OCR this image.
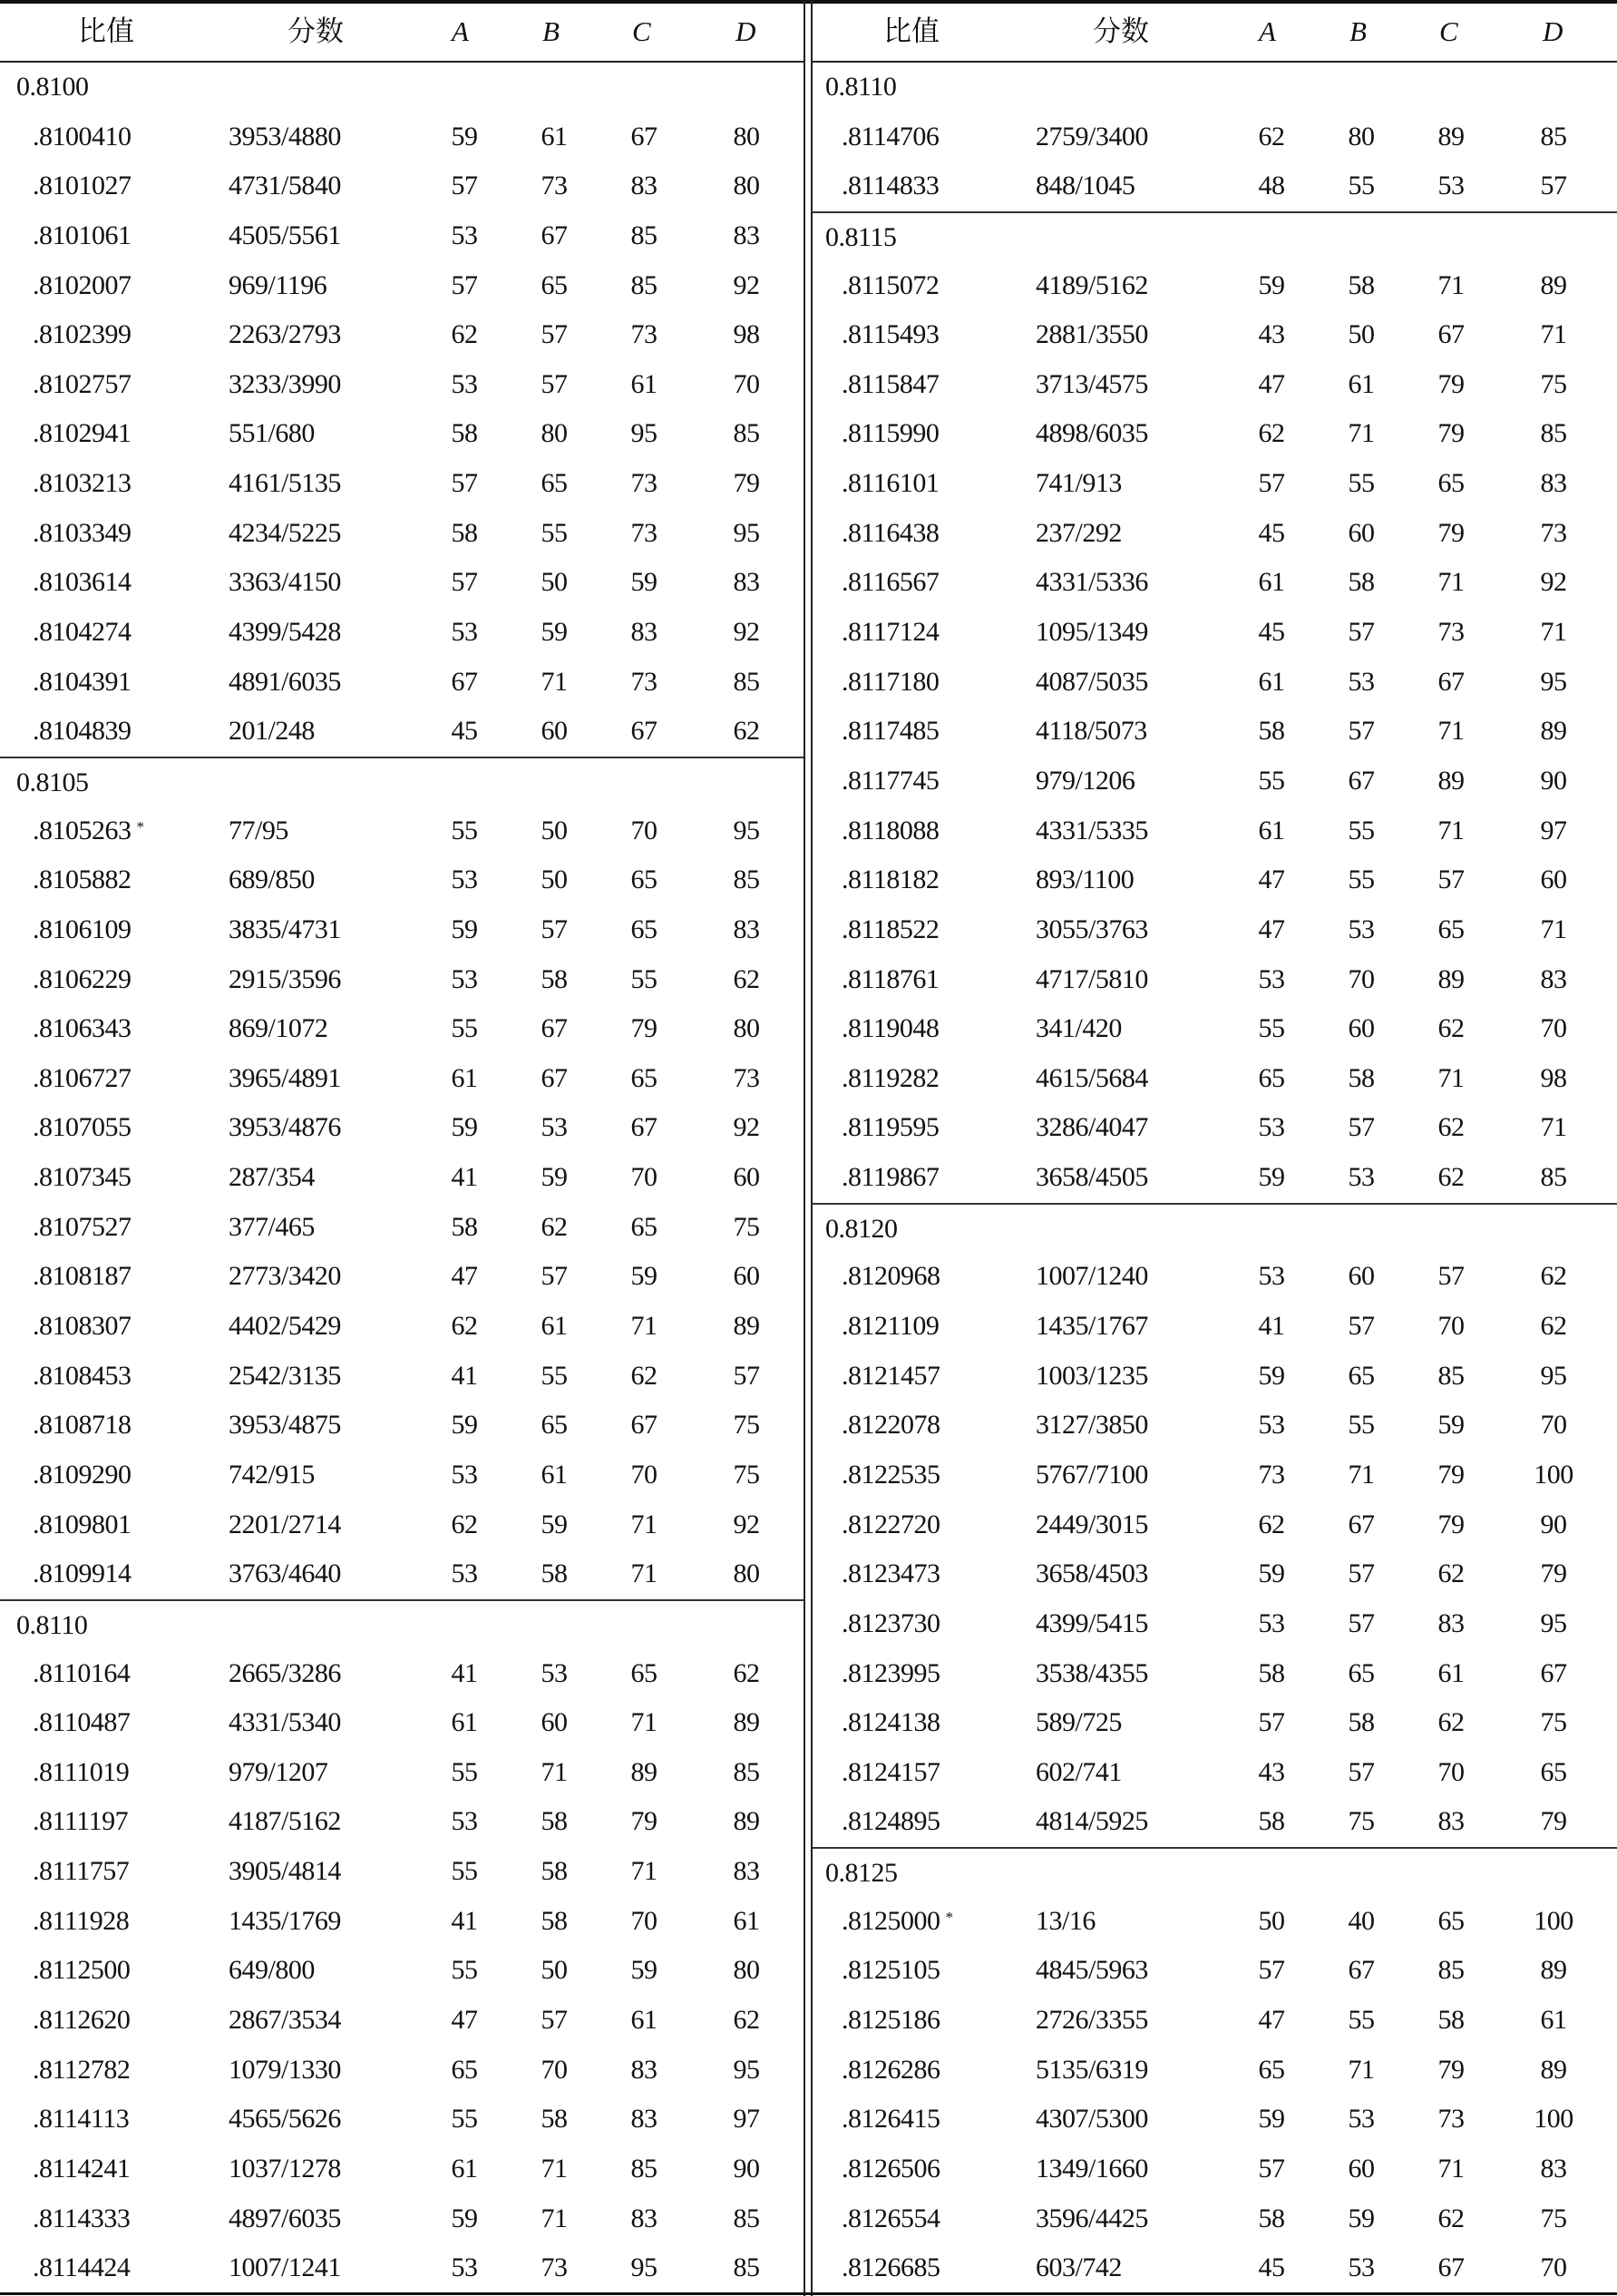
比值	分数	A	B	C	D
0.8100
.8100410	3953/4880	59	61	67	80
.8101027	4731/5840	57	73	83	80
.8101061	4505/5561	53	67	85	83
.8102007	969/1196	57	65	85	92
.8102399	2263/2793	62	57	73	98
.8102757	3233/3990	53	57	61	70
.8102941	551/680	58	80	95	85
.8103213	4161/5135	57	65	73	79
.8103349	4234/5225	58	55	73	95
.8103614	3363/4150	57	50	59	83
.8104274	4399/5428	53	59	83	92
.8104391	4891/6035	67	71	73	85
.8104839	201/248	45	60	67	62
0.8105
.8105263 *	77/95	55	50	70	95
.8105882	689/850	53	50	65	85
.8106109	3835/4731	59	57	65	83
.8106229	2915/3596	53	58	55	62
.8106343	869/1072	55	67	79	80
.8106727	3965/4891	61	67	65	73
.8107055	3953/4876	59	53	67	92
.8107345	287/354	41	59	70	60
.8107527	377/465	58	62	65	75
.8108187	2773/3420	47	57	59	60
.8108307	4402/5429	62	61	71	89
.8108453	2542/3135	41	55	62	57
.8108718	3953/4875	59	65	67	75
.8109290	742/915	53	61	70	75
.8109801	2201/2714	62	59	71	92
.8109914	3763/4640	53	58	71	80
0.8110
.8110164	2665/3286	41	53	65	62
.8110487	4331/5340	61	60	71	89
.8111019	979/1207	55	71	89	85
.8111197	4187/5162	53	58	79	89
.8111757	3905/4814	55	58	71	83
.8111928	1435/1769	41	58	70	61
.8112500	649/800	55	50	59	80
.8112620	2867/3534	47	57	61	62
.8112782	1079/1330	65	70	83	95
.8114113	4565/5626	55	58	83	97
.8114241	1037/1278	61	71	85	90
.8114333	4897/6035	59	71	83	85
.8114424	1007/1241	53	73	95	85
比值	分数	A	B	C	D
0.8110
.8114706	2759/3400	62	80	89	85
.8114833	848/1045	48	55	53	57
0.8115
.8115072	4189/5162	59	58	71	89
.8115493	2881/3550	43	50	67	71
.8115847	3713/4575	47	61	79	75
.8115990	4898/6035	62	71	79	85
.8116101	741/913	57	55	65	83
.8116438	237/292	45	60	79	73
.8116567	4331/5336	61	58	71	92
.8117124	1095/1349	45	57	73	71
.8117180	4087/5035	61	53	67	95
.8117485	4118/5073	58	57	71	89
.8117745	979/1206	55	67	89	90
.8118088	4331/5335	61	55	71	97
.8118182	893/1100	47	55	57	60
.8118522	3055/3763	47	53	65	71
.8118761	4717/5810	53	70	89	83
.8119048	341/420	55	60	62	70
.8119282	4615/5684	65	58	71	98
.8119595	3286/4047	53	57	62	71
.8119867	3658/4505	59	53	62	85
0.8120
.8120968	1007/1240	53	60	57	62
.8121109	1435/1767	41	57	70	62
.8121457	1003/1235	59	65	85	95
.8122078	3127/3850	53	55	59	70
.8122535	5767/7100	73	71	79	100
.8122720	2449/3015	62	67	79	90
.8123473	3658/4503	59	57	62	79
.8123730	4399/5415	53	57	83	95
.8123995	3538/4355	58	65	61	67
.8124138	589/725	57	58	62	75
.8124157	602/741	43	57	70	65
.8124895	4814/5925	58	75	83	79
0.8125
.8125000 *	13/16	50	40	65	100
.8125105	4845/5963	57	67	85	89
.8125186	2726/3355	47	55	58	61
.8126286	5135/6319	65	71	79	89
.8126415	4307/5300	59	53	73	100
.8126506	1349/1660	57	60	71	83
.8126554	3596/4425	58	59	62	75
.8126685	603/742	45	53	67	70
